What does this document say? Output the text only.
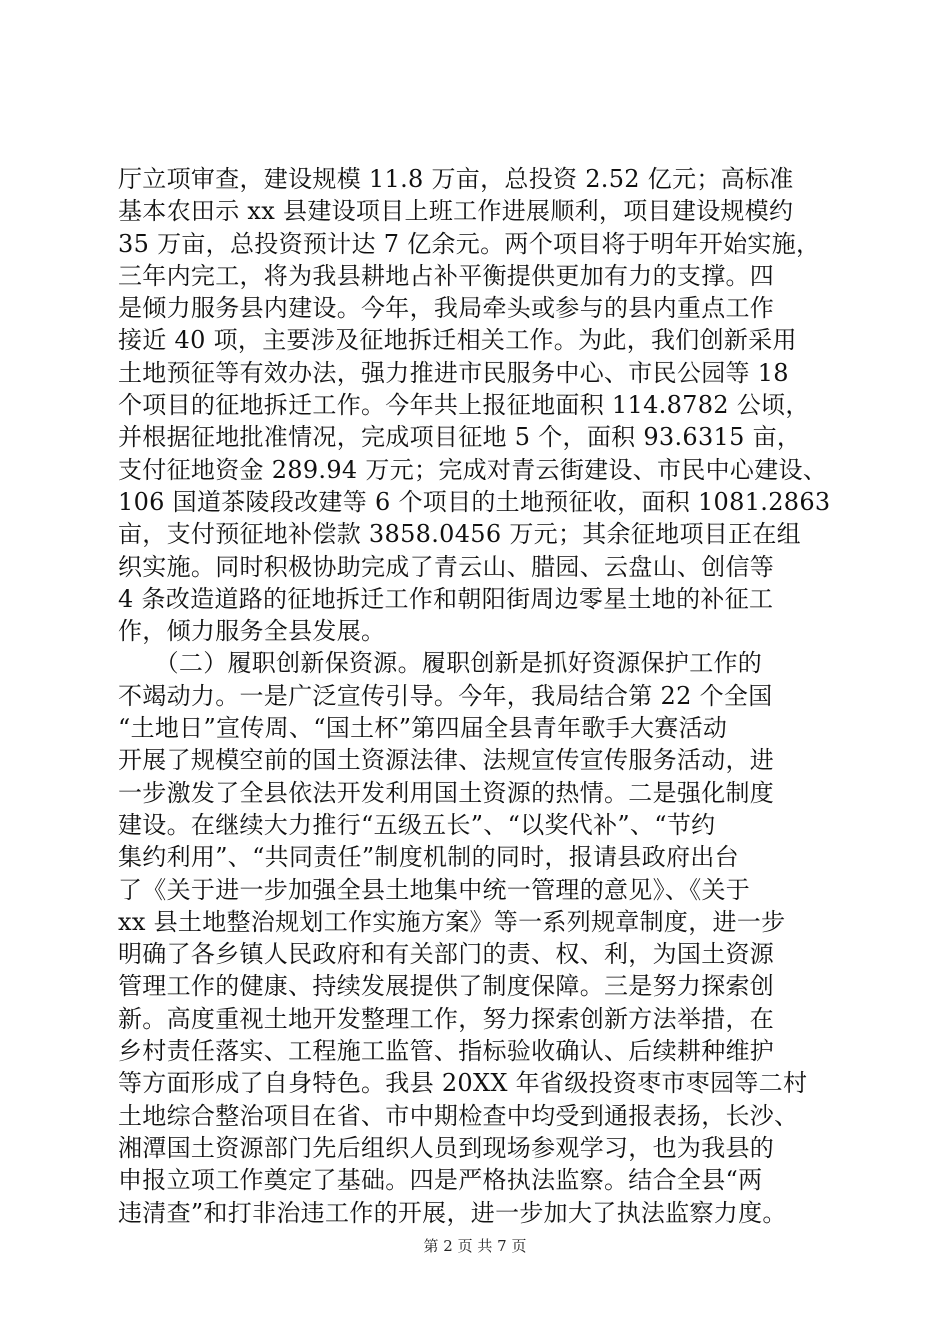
厅立项审查，建设规模 11.8 万亩，总投资 2.52 亿元；高标准
基本农田示 xx 县建设项目上班工作进展顺利，项目建设规模约
35 万亩，总投资预计达 7 亿余元。两个项目将于明年开始实施，
三年内完工，将为我县耕地占补平衡提供更加有力的支撑。四
是倾力服务县内建设。今年，我局牵头或参与的县内重点工作
接近 40 项，主要涉及征地拆迁相关工作。为此，我们创新采用
土地预征等有效办法，强力推进市民服务中心、市民公园等 18
个项目的征地拆迁工作。今年共上报征地面积 114.8782 公顷，
并根据征地批准情况，完成项目征地 5 个，面积 93.6315 亩，
支付征地资金 289.94 万元；完成对青云街建设、市民中心建设、
106 国道茶陵段改建等 6 个项目的土地预征收，面积 1081.2863
亩，支付预征地补偿款 3858.0456 万元；其余征地项目正在组
织实施。同时积极协助完成了青云山、腊园、云盘山、创信等
4 条改造道路的征地拆迁工作和朝阳街周边零星土地的补征工
作，倾力服务全县发展。
　　（二）履职创新保资源。履职创新是抓好资源保护工作的
不竭动力。一是广泛宣传引导。今年，我局结合第 22 个全国
“土地日”宣传周、“国土杯”第四届全县青年歌手大赛活动
开展了规模空前的国土资源法律、法规宣传宣传服务活动，进
一步激发了全县依法开发利用国土资源的热情。二是强化制度
建设。在继续大力推行“五级五长”、“以奖代补”、“节约
集约利用”、“共同责任”制度机制的同时，报请县政府出台
了《关于进一步加强全县土地集中统一管理的意见》、《关于
xx 县土地整治规划工作实施方案》等一系列规章制度，进一步
明确了各乡镇人民政府和有关部门的责、权、利，为国土资源
管理工作的健康、持续发展提供了制度保障。三是努力探索创
新。高度重视土地开发整理工作，努力探索创新方法举措，在
乡村责任落实、工程施工监管、指标验收确认、后续耕种维护
等方面形成了自身特色。我县 20XX 年省级投资枣市枣园等二村
土地综合整治项目在省、市中期检查中均受到通报表扬，长沙、
湘潭国土资源部门先后组织人员到现场参观学习，也为我县的
申报立项工作奠定了基础。四是严格执法监察。结合全县“两
违清查”和打非治违工作的开展，进一步加大了执法监察力度。
第 2 页 共 7 页
